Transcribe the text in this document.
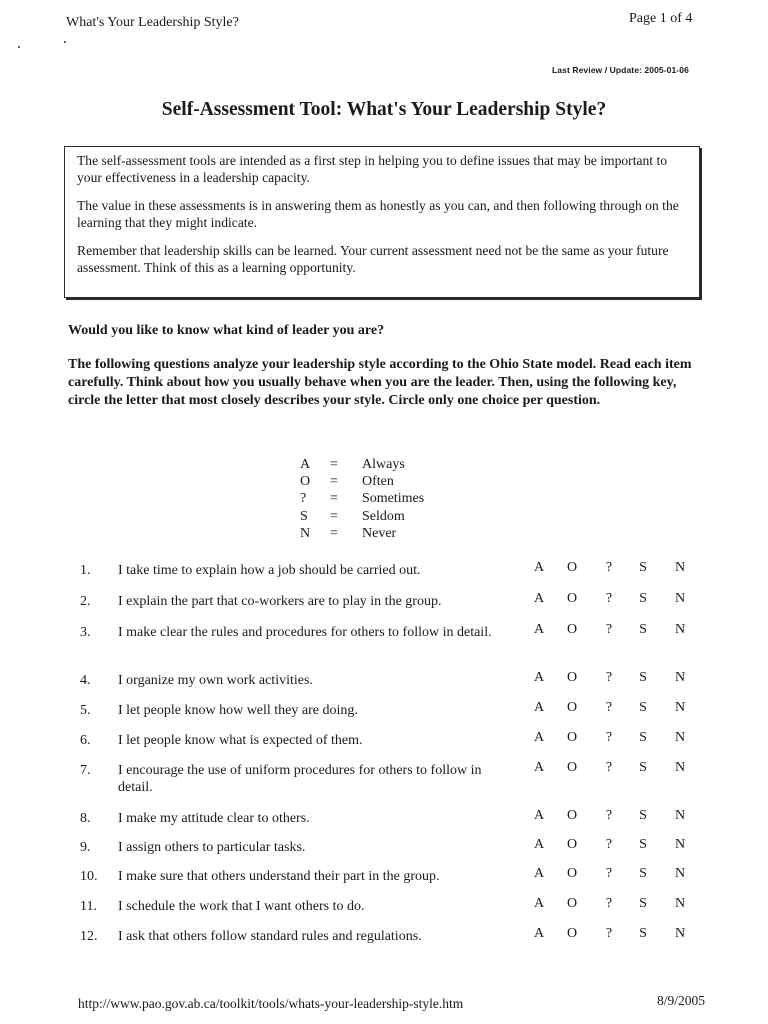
What's Your Leadership Style?	Page 1 of 4
Last Review / Update: 2005-01-06
Self-Assessment Tool: What's Your Leadership Style?

The self-assessment tools are intended as a first step in helping you to define issues that may be important to your effectiveness in a leadership capacity.

The value in these assessments is in answering them as honestly as you can, and then following through on the learning that they might indicate.

Remember that leadership skills can be learned. Your current assessment need not be the same as your future assessment. Think of this as a learning opportunity.

Would you like to know what kind of leader you are?
The following questions analyze your leadership style according to the Ohio State model. Read each item carefully. Think about how you usually behave when you are the leader. Then, using the following key, circle the letter that most closely describes your style. Circle only one choice per question.
A	=	Always
O	=	Often
?	=	Sometimes
S	=	Seldom
N	=	Never
1.	I take time to explain how a job should be carried out.	A O ? S N
2.	I explain the part that co-workers are to play in the group.	A O ? S N
3.	I make clear the rules and procedures for others to follow in detail.	A O ? S N
4.	I organize my own work activities.	A O ? S N
5.	I let people know how well they are doing.	A O ? S N
6.	I let people know what is expected of them.	A O ? S N
7.	I encourage the use of uniform procedures for others to follow in detail.
A O ? S N
8.	I make my attitude clear to others.	A O ? S N
9.	I assign others to particular tasks.	A O ? S N
10.	I make sure that others understand their part in the group.	A O ? S N
11.	I schedule the work that I want others to do.	A O ? S N
12.	I ask that others follow standard rules and regulations.	A O ? S N
http://www.pao.gov.ab.ca/toolkit/tools/whats-your-leadership-style.htm	8/9/2005
